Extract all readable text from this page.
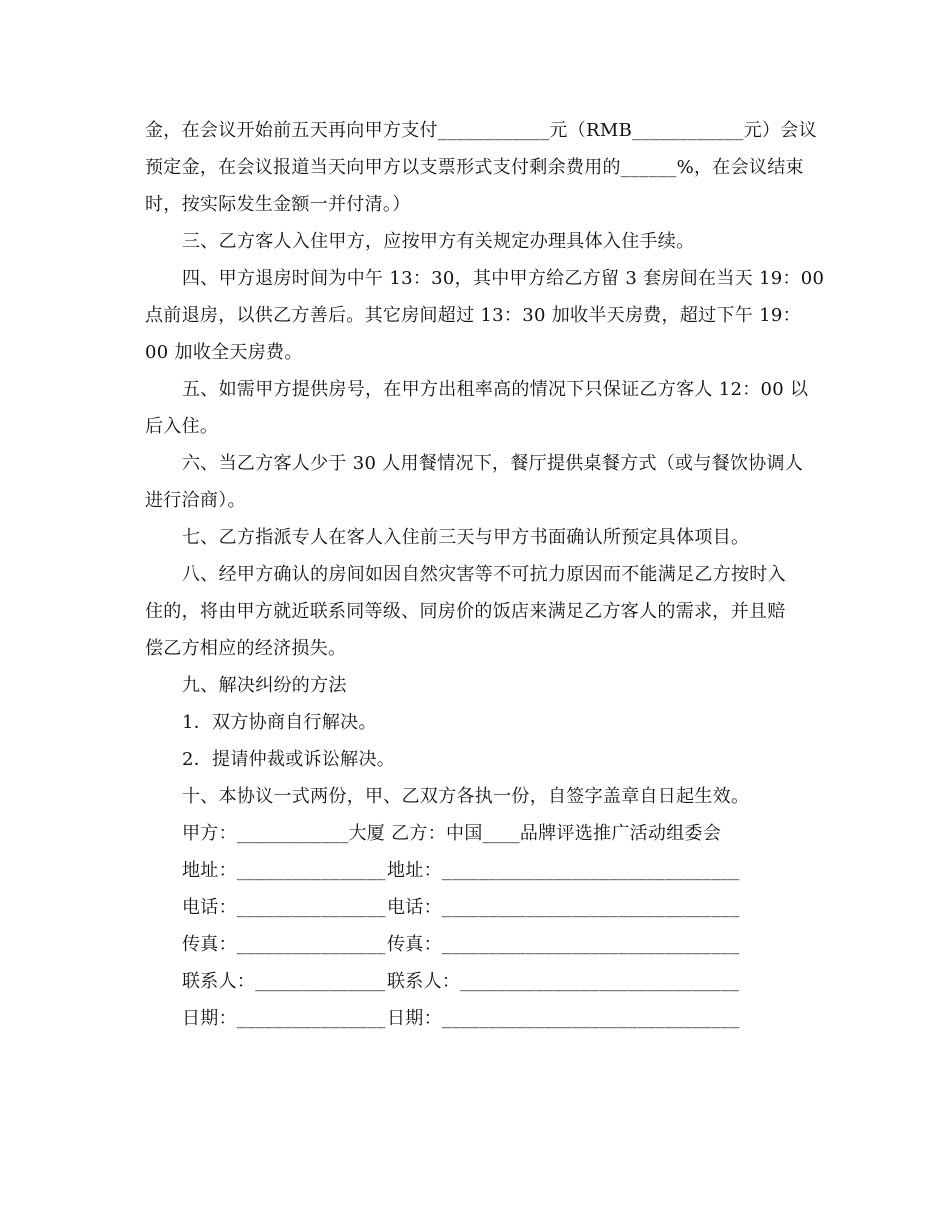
金，在会议开始前五天再向甲方支付____________元（RMB____________元）会议
预定金，在会议报道当天向甲方以支票形式支付剩余费用的______%，在会议结束
时，按实际发生金额一并付清。）
三、乙方客人入住甲方，应按甲方有关规定办理具体入住手续。
四、甲方退房时间为中午 13：30，其中甲方给乙方留 3 套房间在当天 19：00
点前退房，以供乙方善后。其它房间超过 13：30 加收半天房费，超过下午 19：
00 加收全天房费。
五、如需甲方提供房号，在甲方出租率高的情况下只保证乙方客人 12：00 以
后入住。
六、当乙方客人少于 30 人用餐情况下，餐厅提供桌餐方式（或与餐饮协调人
进行洽商）。
七、乙方指派专人在客人入住前三天与甲方书面确认所预定具体项目。
八、经甲方确认的房间如因自然灾害等不可抗力原因而不能满足乙方按时入
住的，将由甲方就近联系同等级、同房价的饭店来满足乙方客人的需求，并且赔
偿乙方相应的经济损失。
九、解决纠纷的方法
1．双方协商自行解决。
2．提请仲裁或诉讼解决。
十、本协议一式两份，甲、乙双方各执一份，自签字盖章自日起生效。
甲方：____________大厦 乙方：中国____品牌评选推广活动组委会
地址：________________ 地址：________________________________
电话：________________ 电话：________________________________
传真：________________ 传真：________________________________
联系人：______________ 联系人：______________________________
日期：________________ 日期：________________________________
